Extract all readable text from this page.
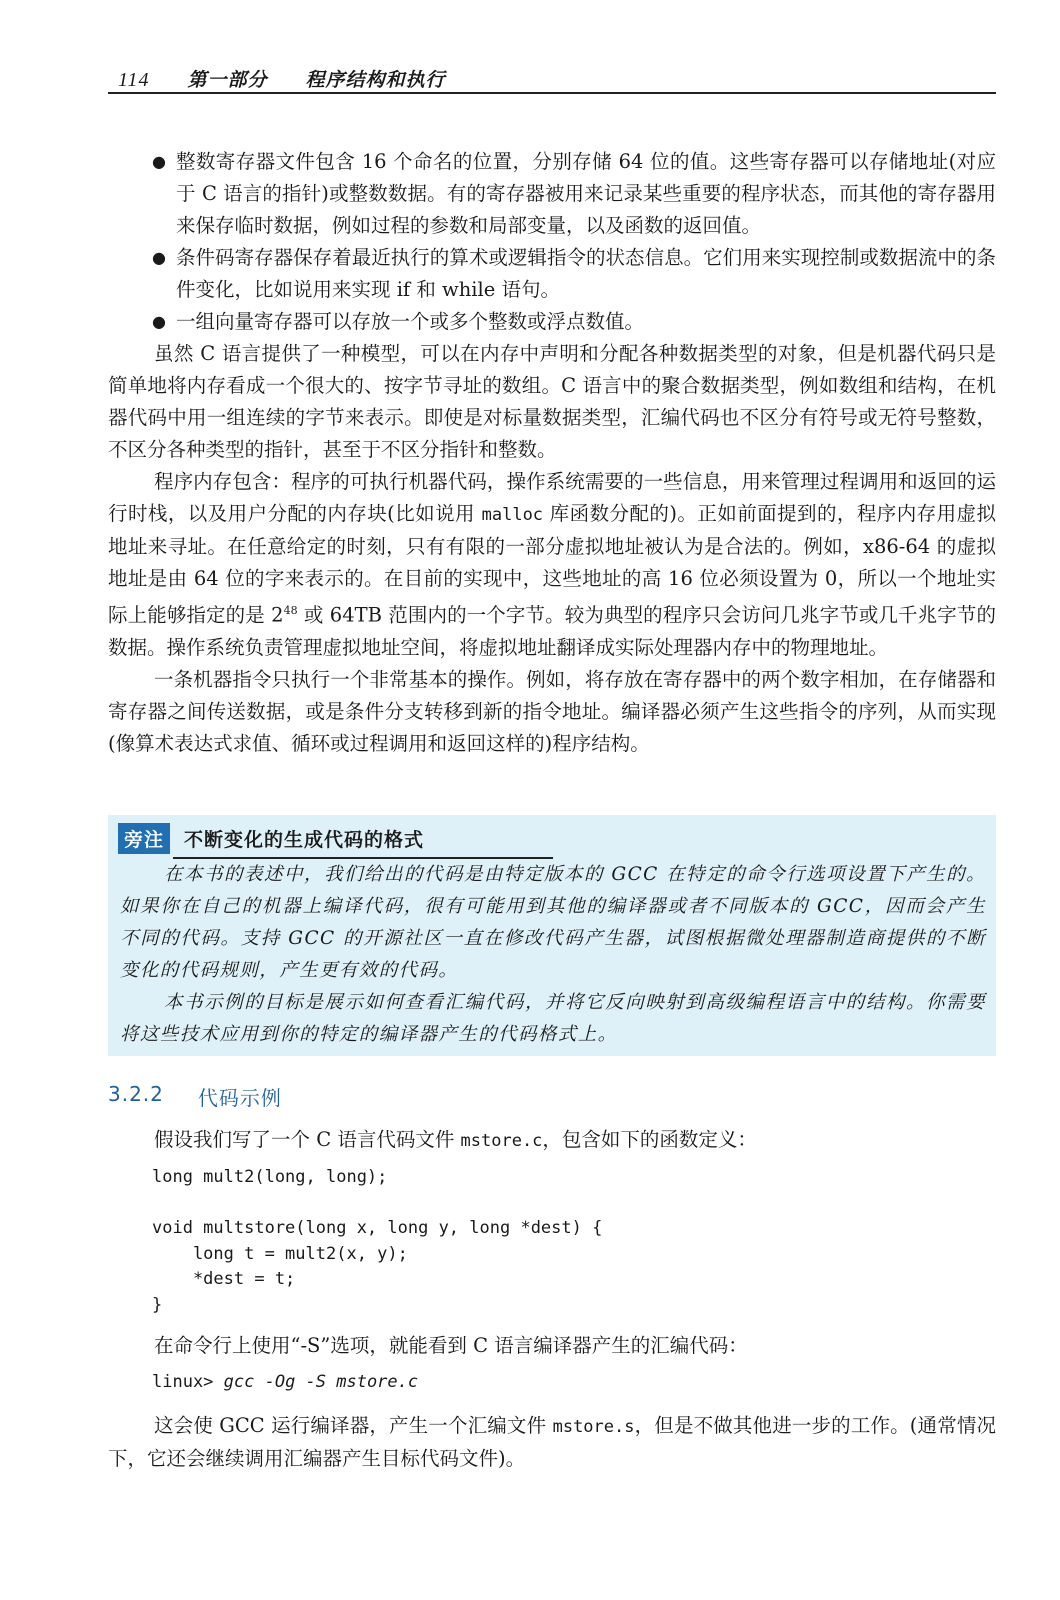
114 第一部分 程序结构和执行
● 整数寄存器文件包含 16 个命名的位置，分别存储 64 位的值。这些寄存器可以存储地址(对应于 C 语言的指针)或整数数据。有的寄存器被用来记录某些重要的程序状态，而其他的寄存器用来保存临时数据，例如过程的参数和局部变量，以及函数的返回值。
● 条件码寄存器保存着最近执行的算术或逻辑指令的状态信息。它们用来实现控制或数据流中的条件变化，比如说用来实现 if 和 while 语句。
● 一组向量寄存器可以存放一个或多个整数或浮点数值。

虽然 C 语言提供了一种模型，可以在内存中声明和分配各种数据类型的对象，但是机器代码只是简单地将内存看成一个很大的、按字节寻址的数组。C 语言中的聚合数据类型，例如数组和结构，在机器代码中用一组连续的字节来表示。即使是对标量数据类型，汇编代码也不区分有符号或无符号整数，不区分各种类型的指针，甚至于不区分指针和整数。

程序内存包含：程序的可执行机器代码，操作系统需要的一些信息，用来管理过程调用和返回的运行时栈，以及用户分配的内存块(比如说用 malloc 库函数分配的)。正如前面提到的，程序内存用虚拟地址来寻址。在任意给定的时刻，只有有限的一部分虚拟地址被认为是合法的。例如，x86-64 的虚拟地址是由 64 位的字来表示的。在目前的实现中，这些地址的高 16 位必须设置为 0，所以一个地址实际上能够指定的是 $2^{48}$ 或 64TB 范围内的一个字节。较为典型的程序只会访问几兆字节或几千兆字节的数据。操作系统负责管理虚拟地址空间，将虚拟地址翻译成实际处理器内存中的物理地址。

一条机器指令只执行一个非常基本的操作。例如，将存放在寄存器中的两个数字相加，在存储器和寄存器之间传送数据，或是条件分支转移到新的指令地址。编译器必须产生这些指令的序列，从而实现(像算术表达式求值、循环或过程调用和返回这样的)程序结构。

旁注	不断变化的生成代码的格式

在本书的表述中，我们给出的代码是由特定版本的 GCC 在特定的命令行选项设置下产生的。如果你在自己的机器上编译代码，很有可能用到其他的编译器或者不同版本的 GCC，因而会产生不同的代码。支持 GCC 的开源社区一直在修改代码产生器，试图根据微处理器制造商提供的不断变化的代码规则，产生更有效的代码。

本书示例的目标是展示如何查看汇编代码，并将它反向映射到高级编程语言中的结构。你需要将这些技术应用到你的特定的编译器产生的代码格式上。

3.2.2 代码示例

假设我们写了一个 C 语言代码文件 mstore.c，包含如下的函数定义：

long mult2(long, long);

void multstore(long x, long y, long *dest) {
long t = mult2(x, y);
*dest = t;
}

在命令行上使用“-S”选项，就能看到 C 语言编译器产生的汇编代码：

linux> gcc -Og -S mstore.c

这会使 GCC 运行编译器，产生一个汇编文件 mstore.s，但是不做其他进一步的工作。(通常情况下，它还会继续调用汇编器产生目标代码文件)。
